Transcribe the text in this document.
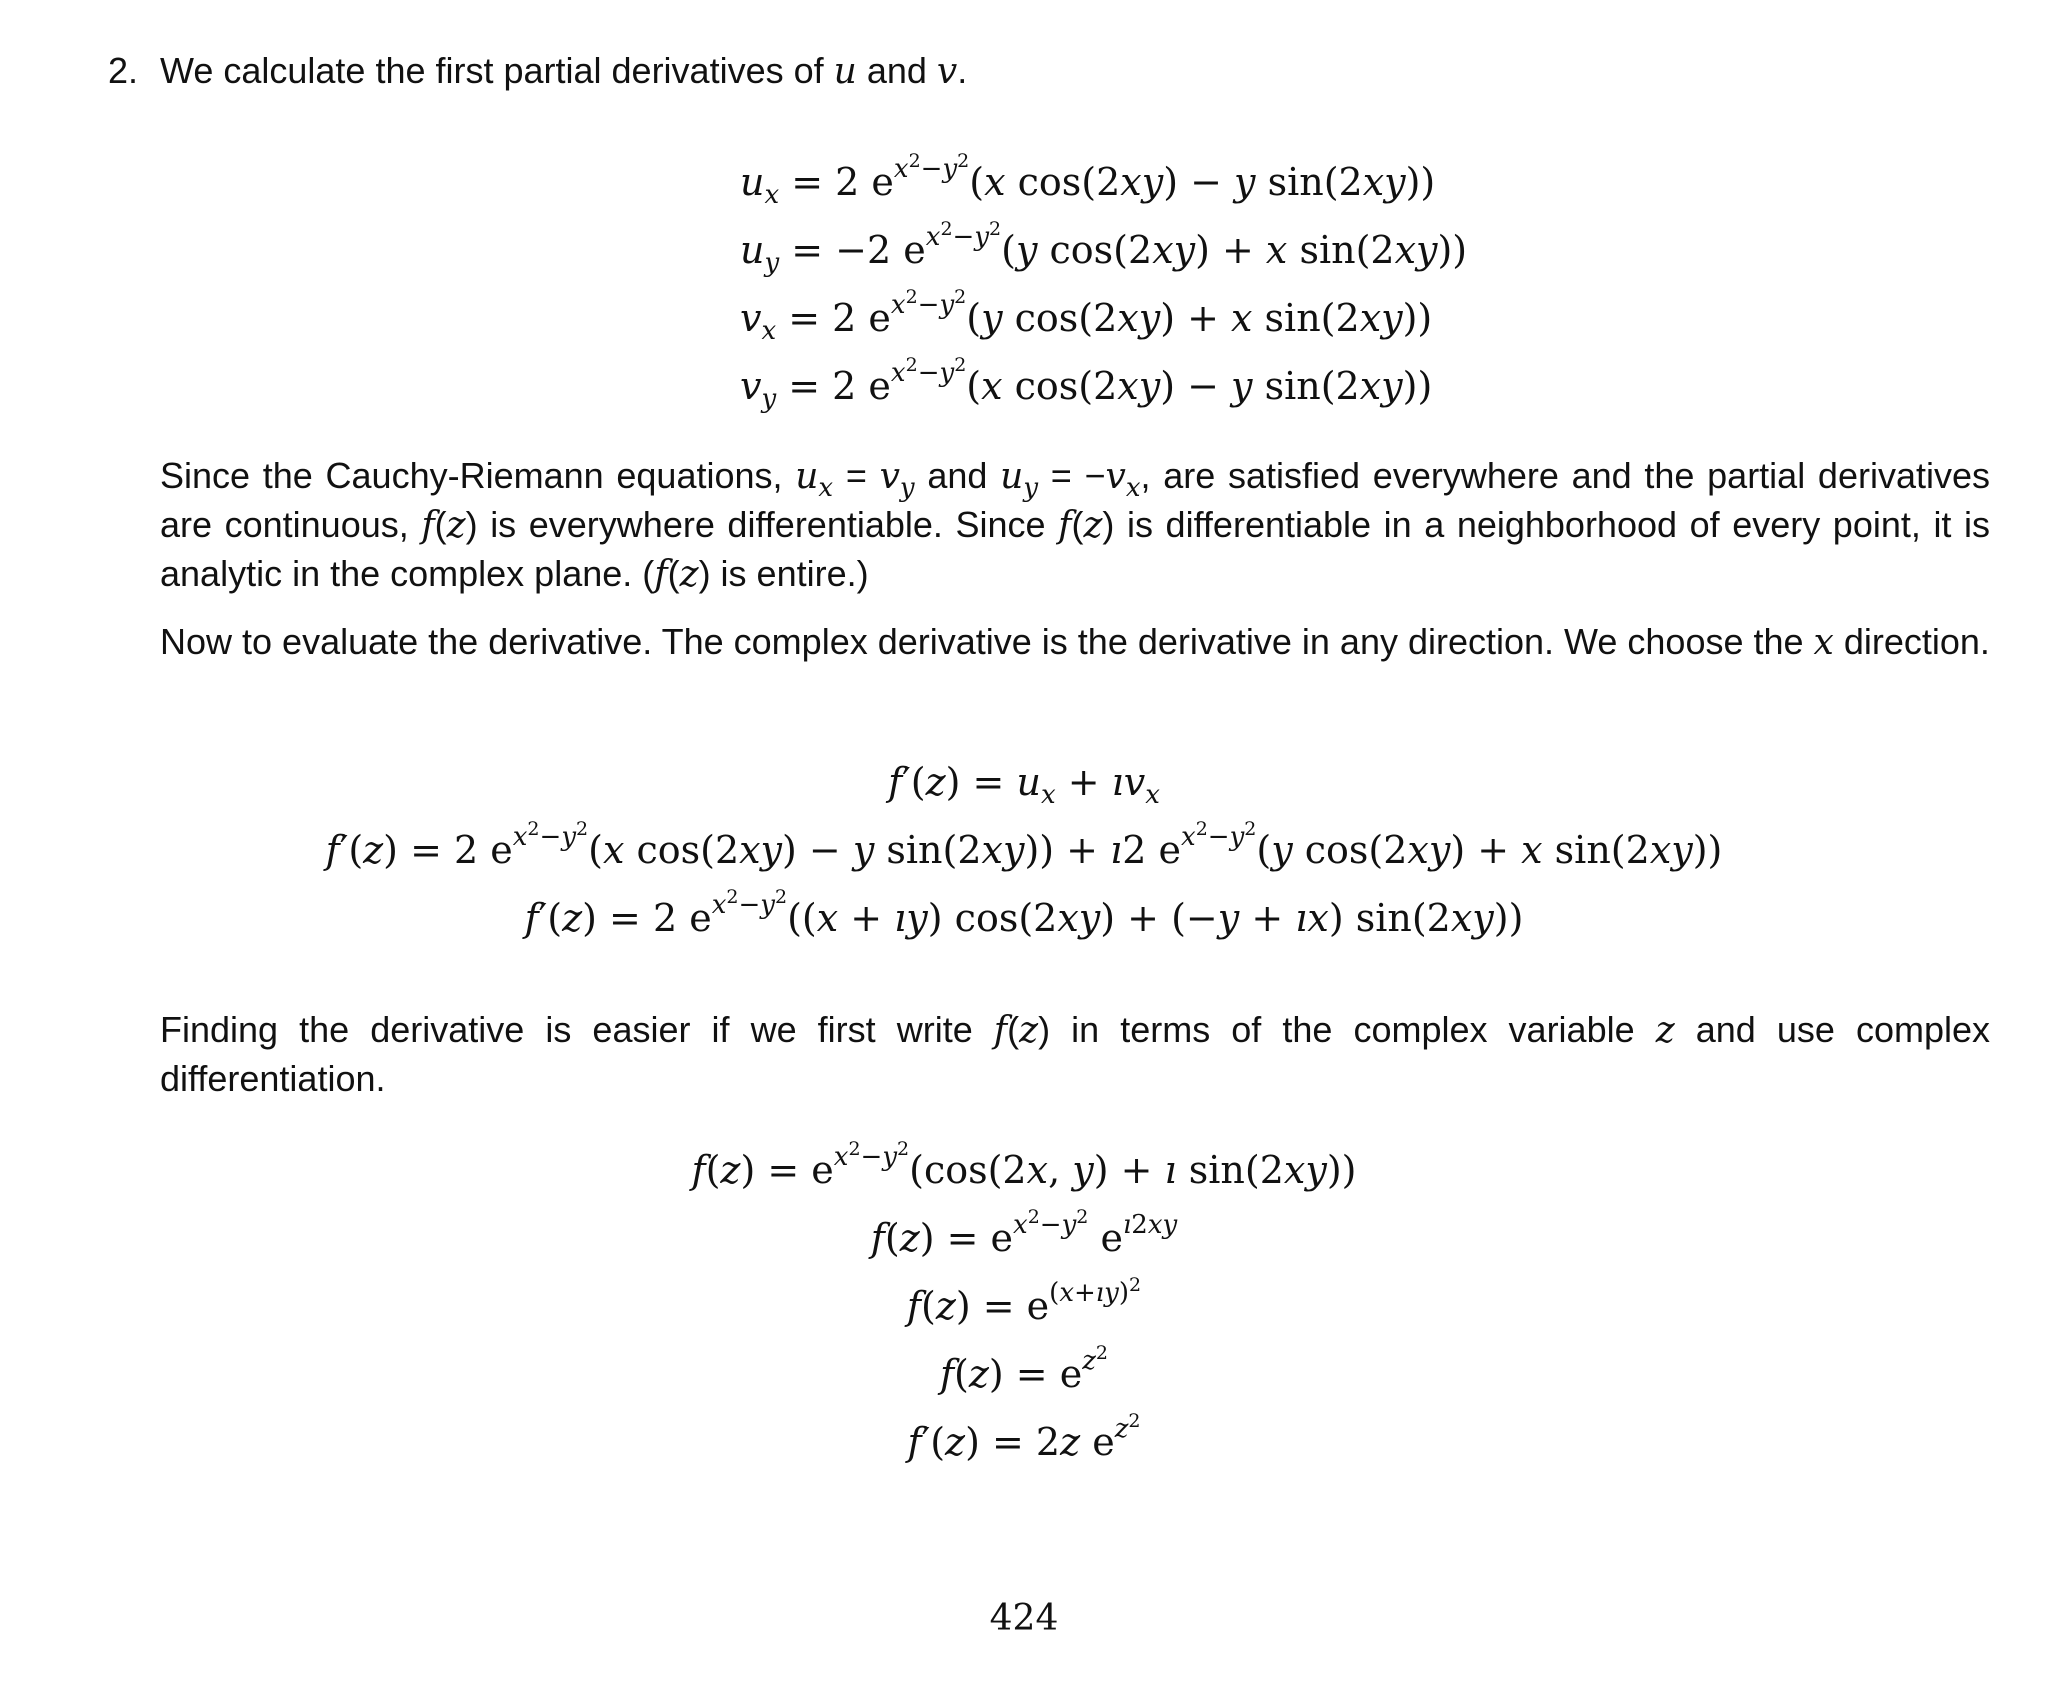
2. We calculate the first partial derivatives of u and v.
$u_x = 2$ $e^{x^2-y^2}(x$ cos(2xy) − y sin(2xy))
$u_y = -2$ $e^{x^2-y^2}(y$ cos(2xy) + x sin(2xy))
$v_x = 2$ $e^{x^2-y^2}(y$ cos(2xy) + x sin(2xy))
$v_y = 2$ $e^{x^2-y^2}(x$ cos(2xy) − y sin(2xy))
Since the Cauchy-Riemann equations, $u_x = v_y$ and $u_y = -v_x$, are satisfied everywhere and the partial derivatives are continuous, f(z) is everywhere differentiable. Since f(z) is differentiable in a neighborhood of every point, it is analytic in the complex plane. (f(z) is entire.)
Now to evaluate the derivative. The complex derivative is the derivative in any direction. We choose the x direction.
$f'(z) = u_x$ + $ıv_x$
f′(z) = 2 $e^{x^2-y^2}(x$ cos(2xy) − y sin(2xy)) + ı2 $e^{x^2-y^2}(y$ cos(2xy) + x sin(2xy))
f′(z) = 2 $e^{x^2-y^2}((x$ + ıy) cos(2xy) + (−y + ıx) sin(2xy))
Finding the derivative is easier if we first write f(z) in terms of the complex variable z and use complex differentiation.
$f(z) = e^{x^2-y^2}(\cos(2x$, y) + ı sin(2xy))
$f(z) = e^{x^2-y^2}$ $e^{ı2xy}$
$f(z) = e^{(x+ıy)^2}$
$f(z) = e^{z^2}$
f′(z) = 2z $e^{z^2}$
424
